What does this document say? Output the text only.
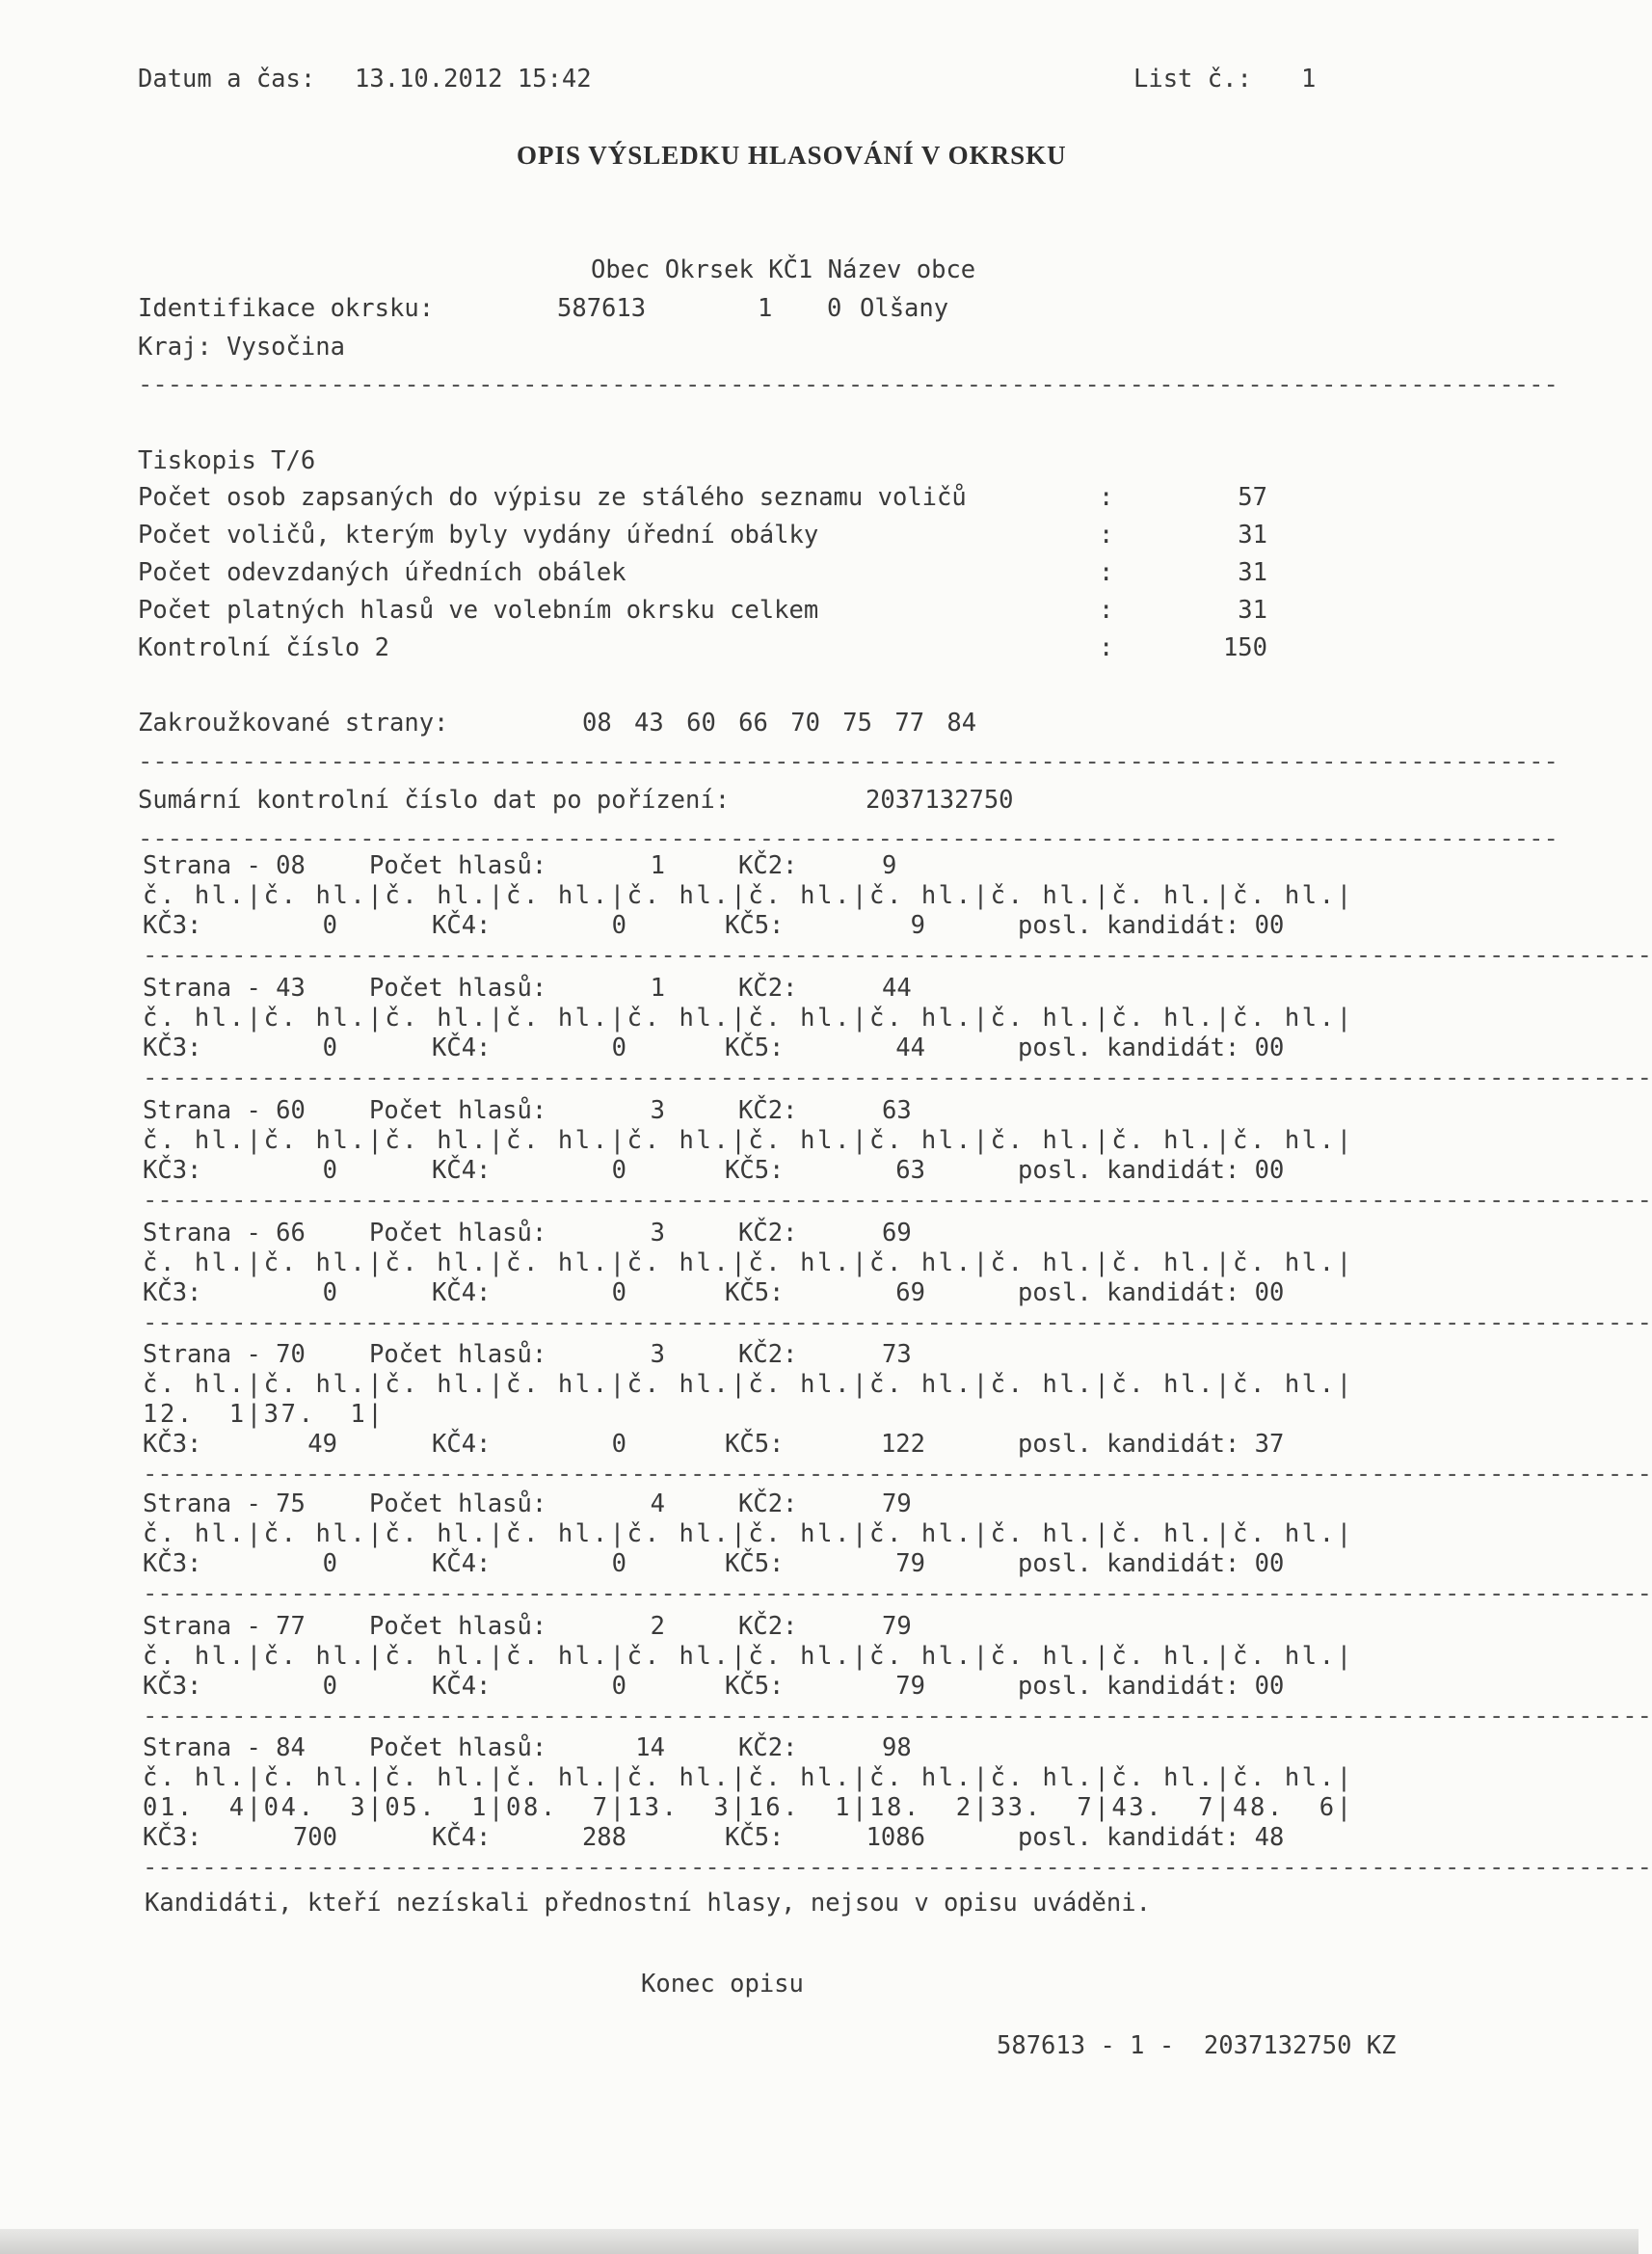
Datum a čas: 13.10.2012 15:42	List č.: 1
OPIS VÝSLEDKU HLASOVÁNÍ V OKRSKU
Obec Okrsek KČ1 Název obce
Identifikace okrsku:	587613	1 0 Olšany
Kraj: Vysočina
------------------------------------------------------------------------------------------------
Tiskopis T/6
Počet osob zapsaných do výpisu ze stálého seznamu voličů	:	57
Počet voličů, kterým byly vydány úřední obálky	:	31
Počet odevzdaných úředních obálek	:	31
Počet platných hlasů ve volebním okrsku celkem	:	31
Kontrolní číslo 2	:	150
Zakroužkované strany:	08 43 60 66 70 75 77 84
------------------------------------------------------------------------------------------------
Sumární kontrolní číslo dat po pořízení:	2037132750
------------------------------------------------------------------------------------------------
Strana - 08	Počet hlasů:	1	KČ2:	9
č. hl.|č. hl.|č. hl.|č. hl.|č. hl.|č. hl.|č. hl.|č. hl.|č. hl.|č. hl.|
KČ3:	0	KČ4:	0	KČ5:	9	posl. kandidát: 00
------------------------------------------------------------------------------------------------------
Strana - 43	Počet hlasů:	1	KČ2:	44
č. hl.|č. hl.|č. hl.|č. hl.|č. hl.|č. hl.|č. hl.|č. hl.|č. hl.|č. hl.|
KČ3:	0	KČ4:	0	KČ5:	44	posl. kandidát: 00
------------------------------------------------------------------------------------------------------
Strana - 60	Počet hlasů:	3	KČ2:	63
č. hl.|č. hl.|č. hl.|č. hl.|č. hl.|č. hl.|č. hl.|č. hl.|č. hl.|č. hl.|
KČ3:	0	KČ4:	0	KČ5:	63	posl. kandidát: 00
------------------------------------------------------------------------------------------------------
Strana - 66	Počet hlasů:	3	KČ2:	69
č. hl.|č. hl.|č. hl.|č. hl.|č. hl.|č. hl.|č. hl.|č. hl.|č. hl.|č. hl.|
KČ3:	0	KČ4:	0	KČ5:	69	posl. kandidát: 00
------------------------------------------------------------------------------------------------------
Strana - 70	Počet hlasů:	3	KČ2:	73
č. hl.|č. hl.|č. hl.|č. hl.|č. hl.|č. hl.|č. hl.|č. hl.|č. hl.|č. hl.|
12.  1|37.  1|
KČ3:	49	KČ4:	0	KČ5:	122	posl. kandidát: 37
------------------------------------------------------------------------------------------------------
Strana - 75	Počet hlasů:	4	KČ2:	79
č. hl.|č. hl.|č. hl.|č. hl.|č. hl.|č. hl.|č. hl.|č. hl.|č. hl.|č. hl.|
KČ3:	0	KČ4:	0	KČ5:	79	posl. kandidát: 00
------------------------------------------------------------------------------------------------------
Strana - 77	Počet hlasů:	2	KČ2:	79
č. hl.|č. hl.|č. hl.|č. hl.|č. hl.|č. hl.|č. hl.|č. hl.|č. hl.|č. hl.|
KČ3:	0	KČ4:	0	KČ5:	79	posl. kandidát: 00
------------------------------------------------------------------------------------------------------
Strana - 84	Počet hlasů:	14	KČ2:	98
č. hl.|č. hl.|č. hl.|č. hl.|č. hl.|č. hl.|č. hl.|č. hl.|č. hl.|č. hl.|
01.  4|04.  3|05.  1|08.  7|13.  3|16.  1|18.  2|33.  7|43.  7|48.  6|
KČ3:	700	KČ4:	288	KČ5:	1086	posl. kandidát: 48
------------------------------------------------------------------------------------------------------
Kandidáti, kteří nezískali přednostní hlasy, nejsou v opisu uváděni.
Konec opisu
587613 - 1 -  2037132750 KZ
